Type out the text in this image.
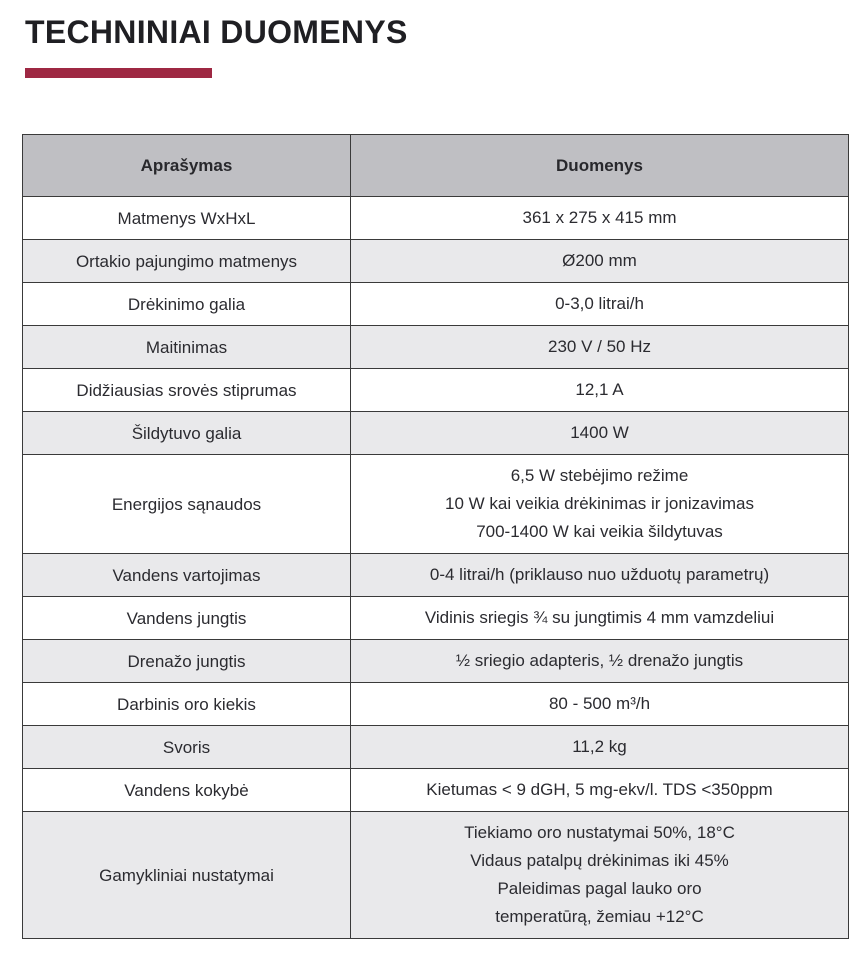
TECHNINIAI DUOMENYS
Aprašymas	Duomenys
Matmenys WxHxL	361 x 275 x 415 mm

Ortakio pajungimo matmenys	Ø200 mm

Drėkinimo galia	0-3,0 litrai/h

Maitinimas	230 V / 50 Hz

Didžiausias srovės stiprumas	12,1 A

Šildytuvo galia	1400 W

Energijos sąnaudos	6,5 W stebėjimo režime
10 W kai veikia drėkinimas ir jonizavimas
700-1400 W kai veikia šildytuvas

Vandens vartojimas	0-4 litrai/h (priklauso nuo užduotų parametrų)

Vandens jungtis	Vidinis sriegis ¾ su jungtimis 4 mm vamzdeliui

Drenažo jungtis	½ sriegio adapteris, ½ drenažo jungtis

Darbinis oro kiekis	80 - 500 m³/h

Svoris	11,2 kg

Vandens kokybė	Kietumas < 9 dGH, 5 mg-ekv/l. TDS <350ppm

Gamykliniai nustatymai	Tiekiamo oro nustatymai 50%, 18°C
Vidaus patalpų drėkinimas iki 45%
Paleidimas pagal lauko oro
temperatūrą, žemiau +12°C
